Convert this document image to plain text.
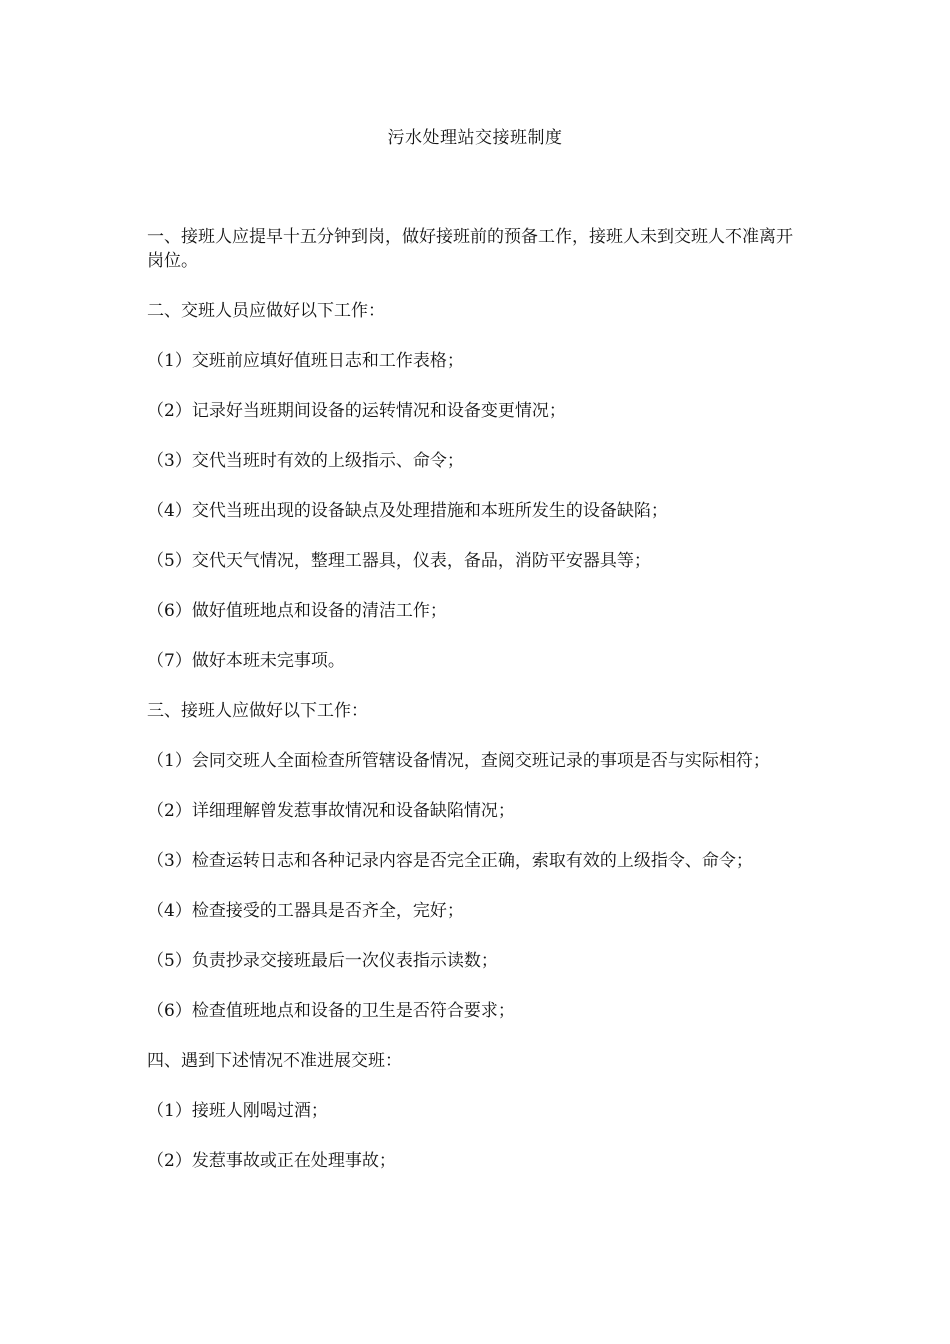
污水处理站交接班制度

一、接班人应提早十五分钟到岗，做好接班前的预备工作，接班人未到交班人不准离开岗位。

二、交班人员应做好以下工作：

（1）交班前应填好值班日志和工作表格；

（2）记录好当班期间设备的运转情况和设备变更情况；

（3）交代当班时有效的上级指示、命令；

（4）交代当班出现的设备缺点及处理措施和本班所发生的设备缺陷；

（5）交代天气情况，整理工器具，仪表，备品，消防平安器具等；

（6）做好值班地点和设备的清洁工作；

（7）做好本班未完事项。

三、接班人应做好以下工作：

（1）会同交班人全面检查所管辖设备情况，查阅交班记录的事项是否与实际相符；

（2）详细理解曾发惹事故情况和设备缺陷情况；

（3）检查运转日志和各种记录内容是否完全正确，索取有效的上级指令、命令；

（4）检查接受的工器具是否齐全，完好；

（5）负责抄录交接班最后一次仪表指示读数；

（6）检查值班地点和设备的卫生是否符合要求；

四、遇到下述情况不准进展交班：

（1）接班人刚喝过酒；

（2）发惹事故或正在处理事故；
